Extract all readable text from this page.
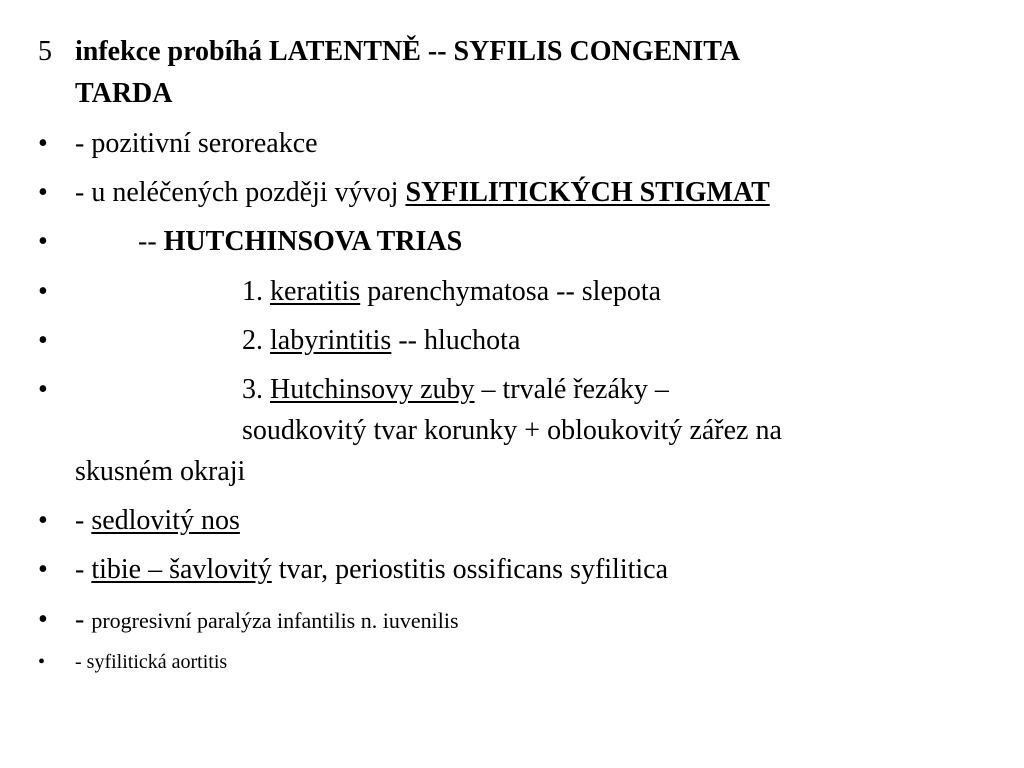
5 infekce probíhá LATENTNĚ -- SYFILIS CONGENITA
TARDA
• - pozitivní seroreakce
• - u neléčených později vývoj SYFILITICKÝCH STIGMAT
•	-- HUTCHINSOVA TRIAS
•	1. keratitis parenchymatosa -- slepota
•	2. labyrintitis -- hluchota
•	3. Hutchinsovy zuby – trvalé řezáky –
soudkovitý tvar korunky + obloukovitý zářez na
skusném okraji
• - sedlovitý nos
• - tibie – šavlovitý tvar, periostitis ossificans syfilitica
• - progresivní paralýza infantilis n. iuvenilis
• - syfilitická aortitis
